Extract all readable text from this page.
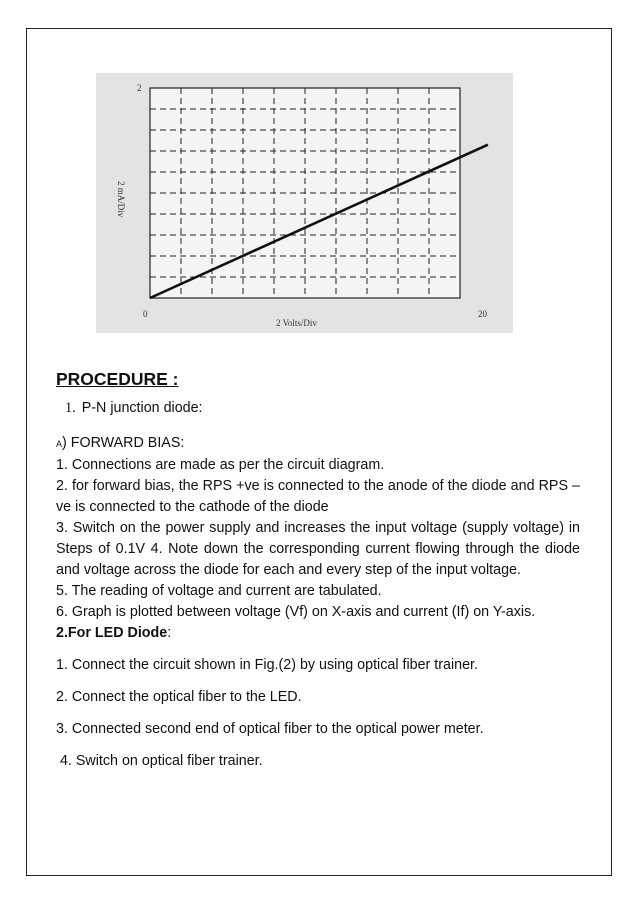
2
2 mA/Div
0	20
2 Volts/Div
PROCEDURE :
1. P-N junction diode:

A) FORWARD BIAS:

1. Connections are made as per the circuit diagram.

2. for forward bias, the RPS +ve is connected to the anode of the diode and RPS –ve is connected to the cathode of the diode

3. Switch on the power supply and increases the input voltage (supply voltage) in Steps of 0.1V 4. Note down the corresponding current flowing through the diode and voltage across the diode for each and every step of the input voltage.

5. The reading of voltage and current are tabulated.

6. Graph is plotted between voltage (Vf) on X-axis and current (If) on Y-axis.

2.For LED Diode:

1. Connect the circuit shown in Fig.(2) by using optical fiber trainer.

2. Connect the optical fiber to the LED.

3. Connected second end of optical fiber to the optical power meter.

4. Switch on optical fiber trainer.
